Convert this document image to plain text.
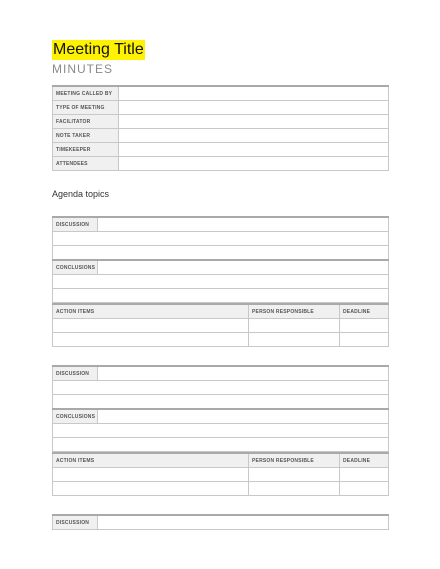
Meeting Title
MINUTES
MEETING CALLED BY	
TYPE OF MEETING	
FACILITATOR	
NOTE TAKER	
TIMEKEEPER	
ATTENDEES	
Agenda topics
DISCUSSION	

CONCLUSIONS	

ACTION ITEMS	PERSON RESPONSIBLE	DEADLINE

DISCUSSION	

CONCLUSIONS	

ACTION ITEMS	PERSON RESPONSIBLE	DEADLINE

DISCUSSION	
